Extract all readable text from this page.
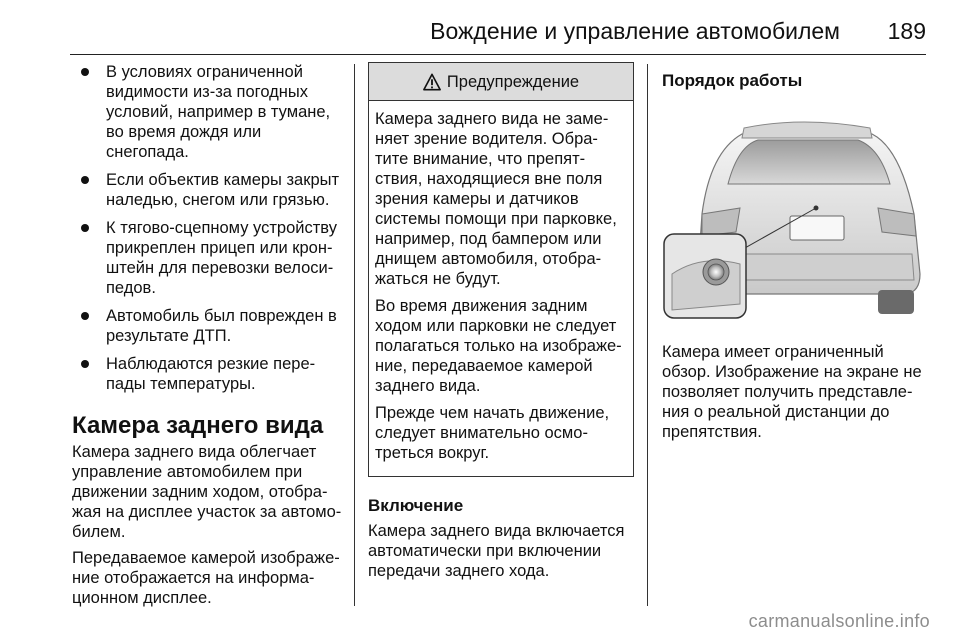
Вождение и управление автомобилем 189
В условиях ограниченной видимости из-за погодных условий, например в тумане, во время дождя или снегопада.
Если объектив камеры закрыт наледью, снегом или грязью.
К тягово-сцепному устройству прикреплен прицеп или крон-штейн для перевозки велоси-педов.
Автомобиль был поврежден в результате ДТП.
Наблюдаются резкие пере-пады температуры.
Камера заднего вида

Камера заднего вида облегчает управление автомобилем при движении задним ходом, отобра-жая на дисплее участок за автомо-билем.

Передаваемое камерой изображе-ние отображается на информа-ционном дисплее.

Предупреждение

Камера заднего вида не заме-няет зрение водителя. Обра-тите внимание, что препят-ствия, находящиеся вне поля зрения камеры и датчиков системы помощи при парковке, например, под бампером или днищем автомобиля, отобра-жаться не будут.

Во время движения задним ходом или парковки не следует полагаться только на изображе-ние, передаваемое камерой заднего вида.

Прежде чем начать движение, следует внимательно осмо-треться вокруг.

Включение

Камера заднего вида включается автоматически при включении передачи заднего хода.

Порядок работы

Камера имеет ограниченный обзор. Изображение на экране не позволяет получить представле-ния о реальной дистанции до препятствия.

carmanualsonline.info
